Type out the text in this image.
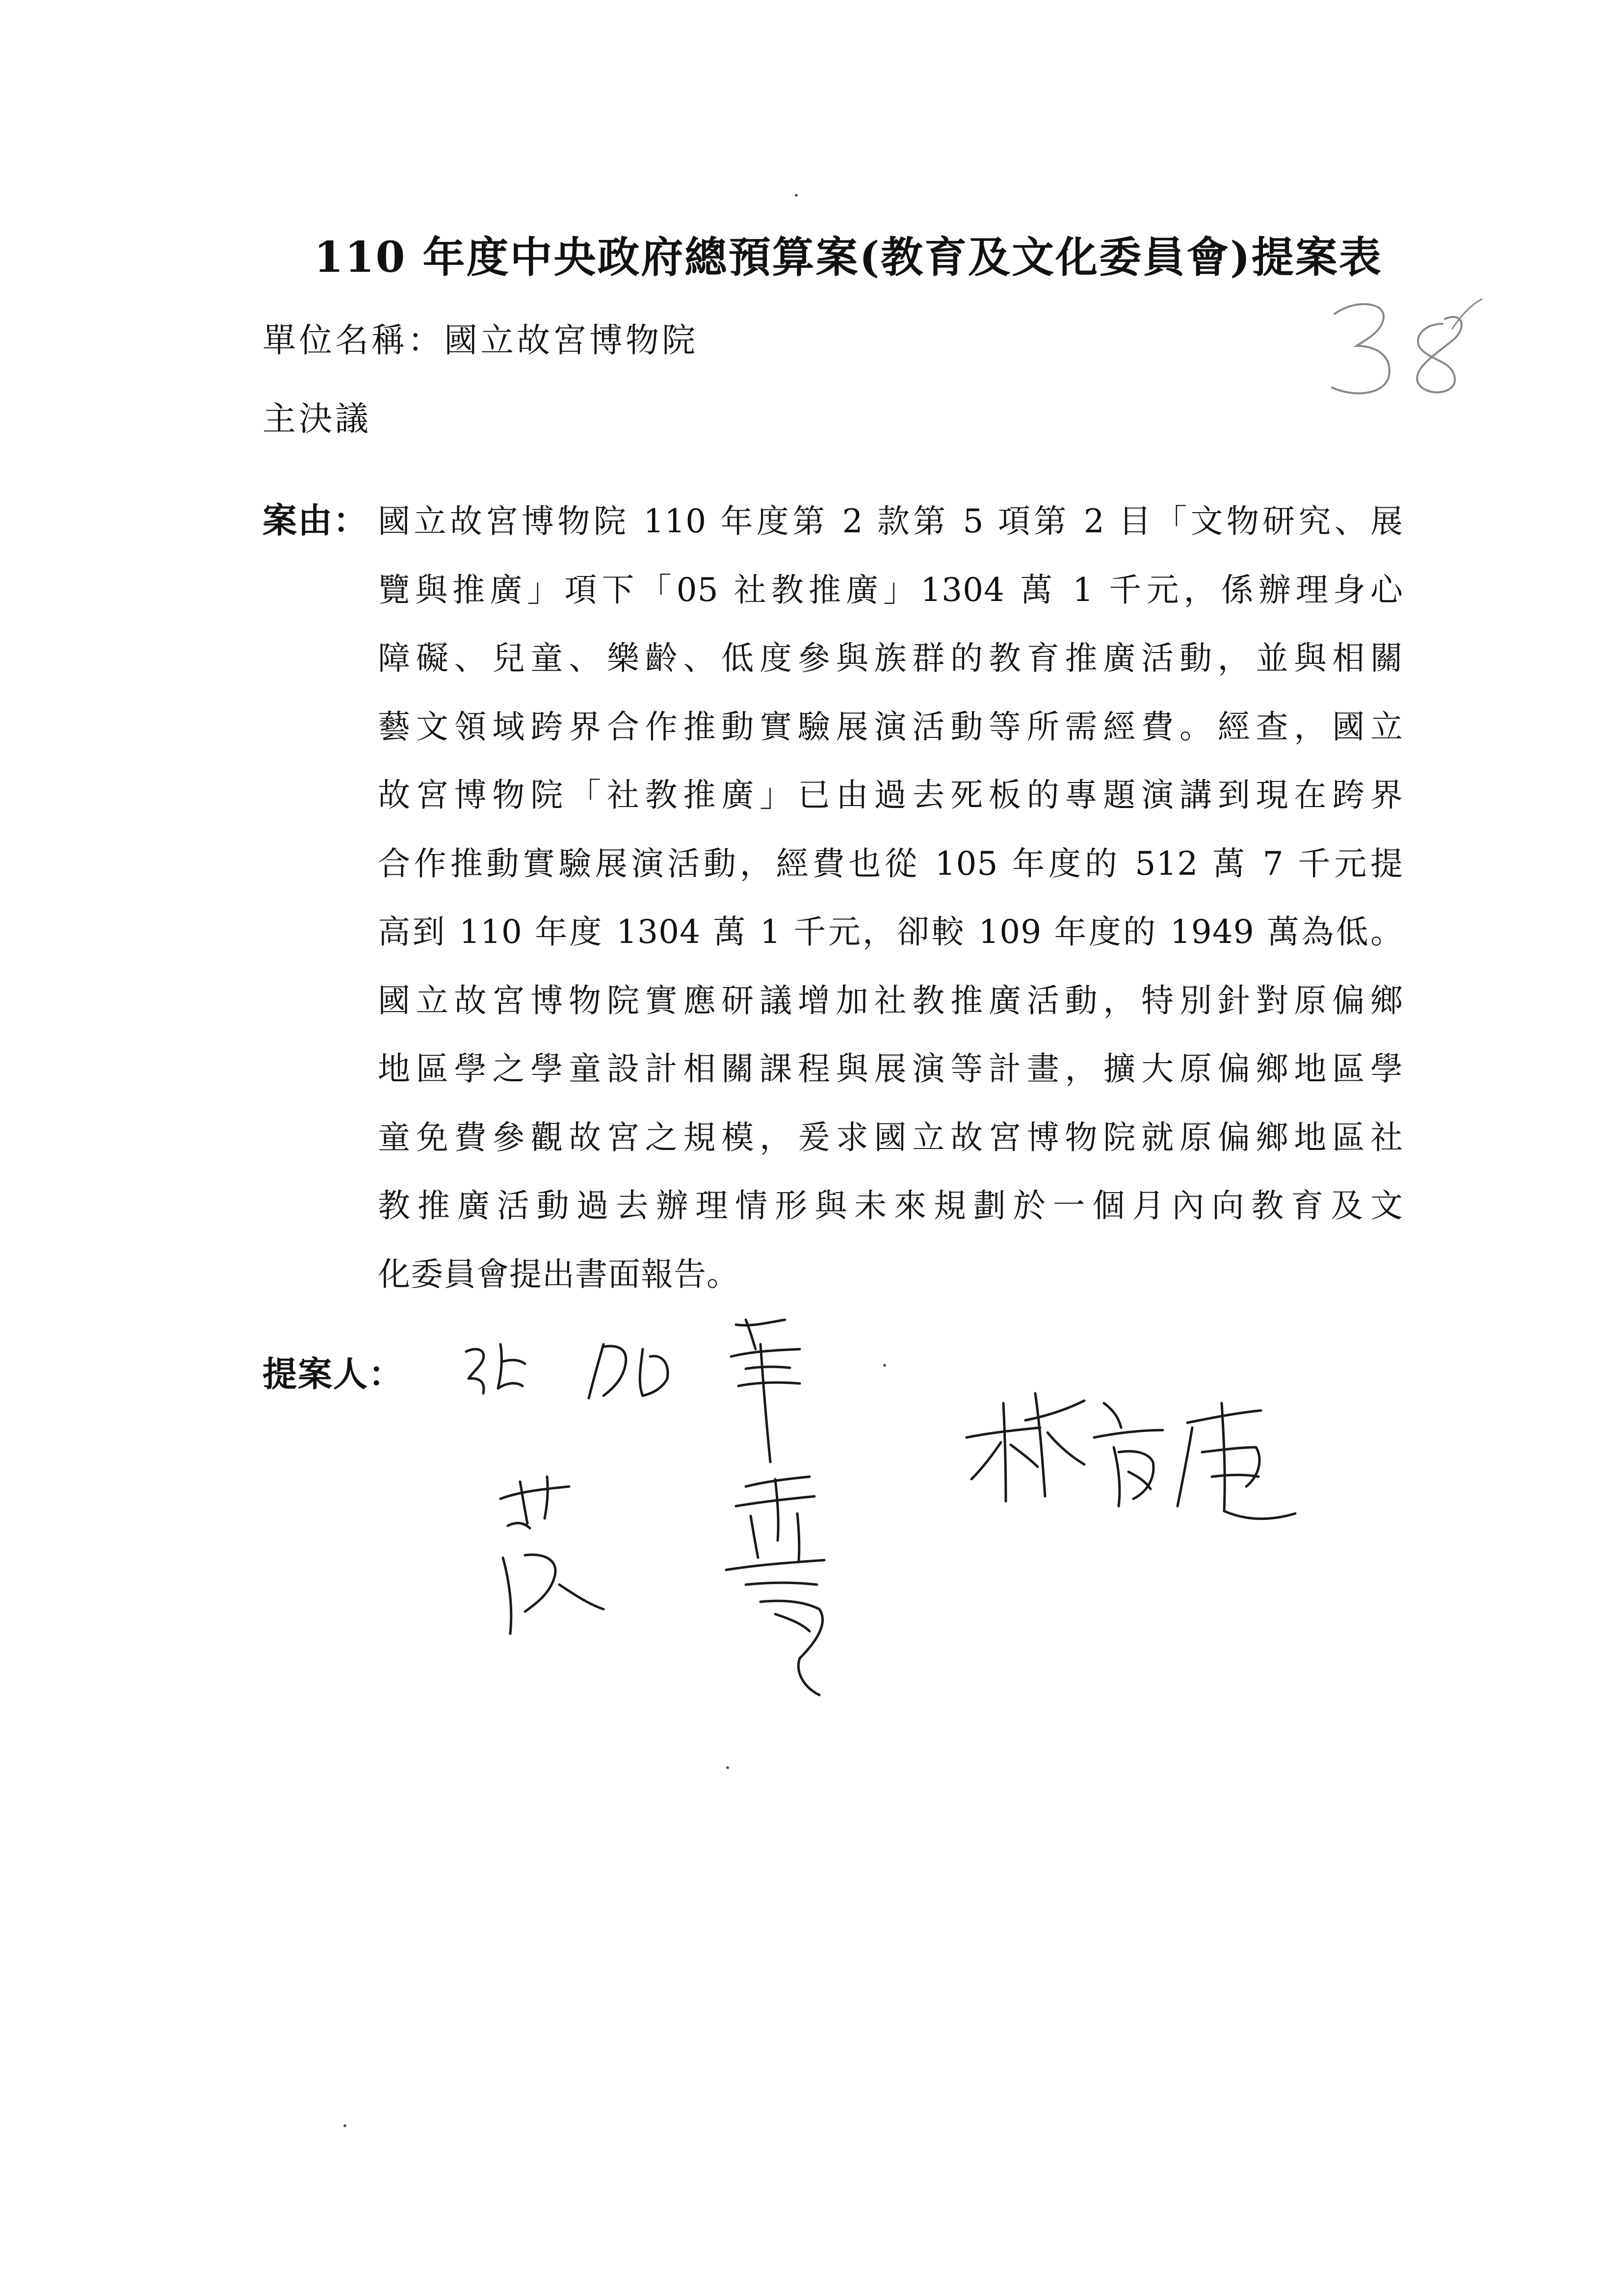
110 年度中央政府總預算案(教育及文化委員會)提案表
單位名稱：國立故宮博物院
主決議
案由： 國立故宮博物院 110 年度第 2 款第 5 項第 2 目「文物研究、展
覽與推廣」項下「05 社教推廣」1304 萬 1 千元，係辦理身心
障礙、兒童、樂齡、低度參與族群的教育推廣活動，並與相關
藝文領域跨界合作推動實驗展演活動等所需經費。經查，國立
故宮博物院「社教推廣」已由過去死板的專題演講到現在跨界
合作推動實驗展演活動，經費也從 105 年度的 512 萬 7 千元提
高到 110 年度 1304 萬 1 千元，卻較 109 年度的 1949 萬為低。
國立故宮博物院實應研議增加社教推廣活動，特別針對原偏鄉
地區學之學童設計相關課程與展演等計畫，擴大原偏鄉地區學
童免費參觀故宮之規模，爰求國立故宮博物院就原偏鄉地區社
教推廣活動過去辦理情形與未來規劃於一個月內向教育及文
化委員會提出書面報告。
提案人：
